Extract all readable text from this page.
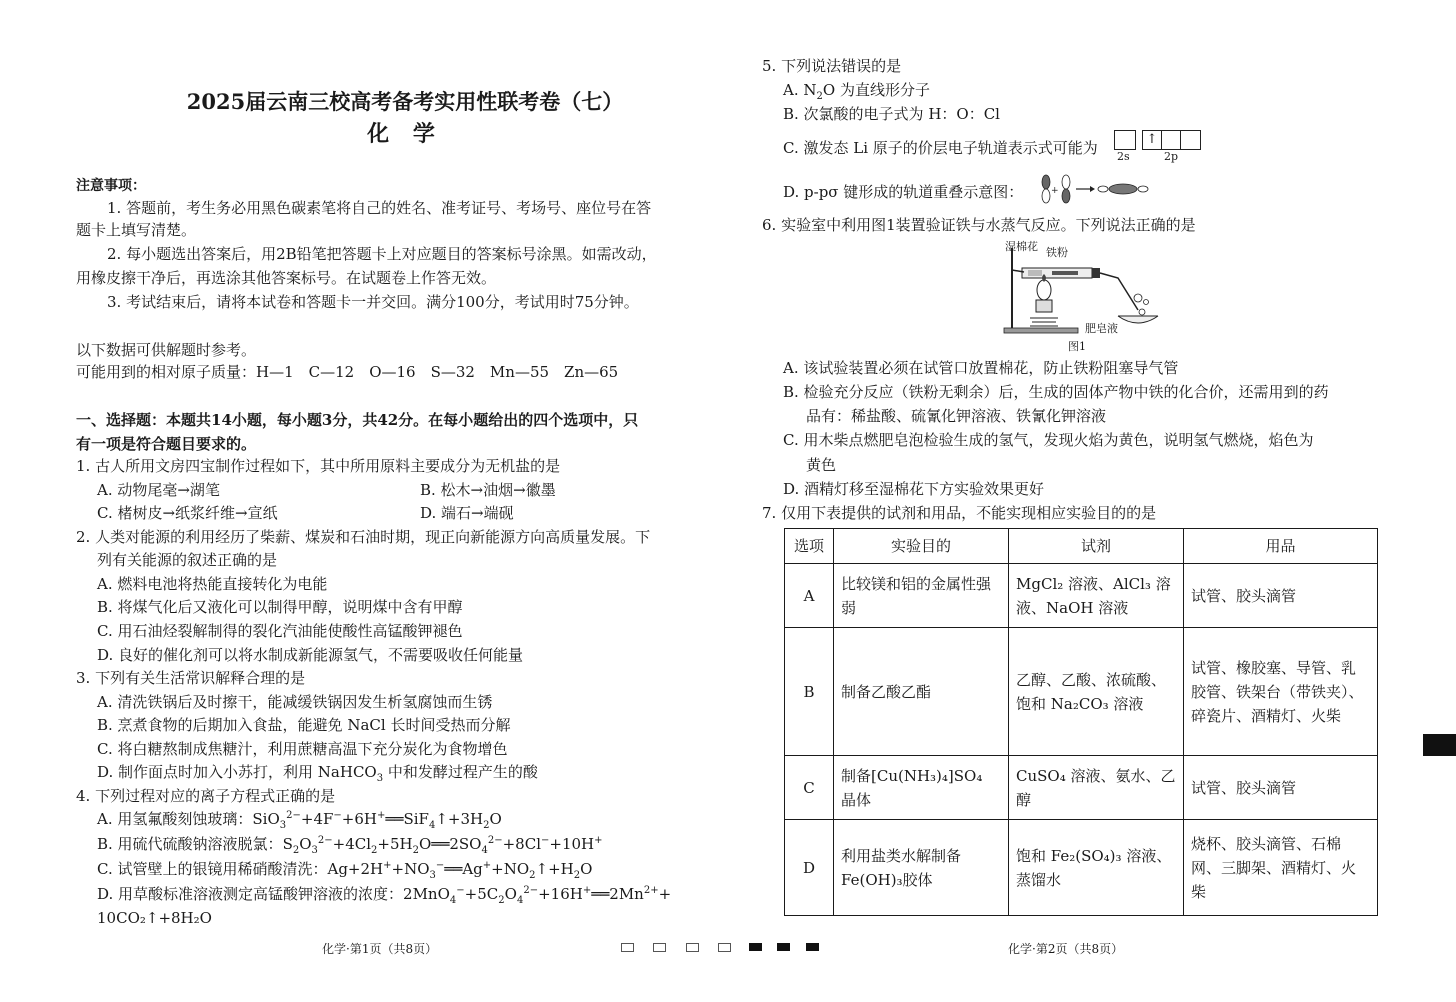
2025届云南三校高考备考实用性联考卷（七）
化 学
注意事项：
1. 答题前，考生务必用黑色碳素笔将自己的姓名、准考证号、考场号、座位号在答
题卡上填写清楚。
2. 每小题选出答案后，用2B铅笔把答题卡上对应题目的答案标号涂黑。如需改动，
用橡皮擦干净后，再选涂其他答案标号。在试题卷上作答无效。
3. 考试结束后，请将本试卷和答题卡一并交回。满分100分，考试用时75分钟。
以下数据可供解题时参考。
可能用到的相对原子质量：H—1　C—12　O—16　S—32　Mn—55　Zn—65
一、选择题：本题共14小题，每小题3分，共42分。在每小题给出的四个选项中，只
有一项是符合题目要求的。
1. 古人所用文房四宝制作过程如下，其中所用原料主要成分为无机盐的是
A. 动物尾毫→湖笔	B. 松木→油烟→徽墨
C. 楮树皮→纸浆纤维→宣纸	D. 端石→端砚
2. 人类对能源的利用经历了柴薪、煤炭和石油时期，现正向新能源方向高质量发展。下
列有关能源的叙述正确的是
A. 燃料电池将热能直接转化为电能
B. 将煤气化后又液化可以制得甲醇，说明煤中含有甲醇
C. 用石油烃裂解制得的裂化汽油能使酸性高锰酸钾褪色
D. 良好的催化剂可以将水制成新能源氢气，不需要吸收任何能量
3. 下列有关生活常识解释合理的是
A. 清洗铁锅后及时擦干，能减缓铁锅因发生析氢腐蚀而生锈
B. 烹煮食物的后期加入食盐，能避免 NaCl 长时间受热而分解
C. 将白糖熬制成焦糖汁，利用蔗糖高温下充分炭化为食物增色
D. 制作面点时加入小苏打，利用 NaHCO$_3$ 中和发酵过程产生的酸
4. 下列过程对应的离子方程式正确的是
A. 用氢氟酸刻蚀玻璃：$SiO_3^{2-}+4F^-+6H^+══SiF_4↑+3H_2O$
B. 用硫代硫酸钠溶液脱氯：$S_2O_3^{2-}+4Cl_2+5H_2O══2SO_4^{2-}+8Cl^-+10H^+$
C. 试管壁上的银镜用稀硝酸清洗：$Ag+2H^++NO_3^-══Ag^++NO_2↑+H_2O$
D. 用草酸标准溶液测定高锰酸钾溶液的浓度：$2MnO_4^-+5C_2O_4^{2-}+16H^+══2Mn^{2+}+$
10CO₂↑+8H₂O
5. 下列说法错误的是
A. $N_2O$ 为直线形分子
B. 次氯酸的电子式为 H：O：Cl
C. 激发态 Li 原子的价层电子轨道表示式可能为 2s
↑
2p
D. p-pσ 键形成的轨道重叠示意图：	+
6. 实验室中利用图1装置验证铁与水蒸气反应。下列说法正确的是
湿棉花 铁粉
肥皂液
图1
A. 该试验装置必须在试管口放置棉花，防止铁粉阻塞导气管
B. 检验充分反应（铁粉无剩余）后，生成的固体产物中铁的化合价，还需用到的药
品有：稀盐酸、硫氰化钾溶液、铁氰化钾溶液
C. 用木柴点燃肥皂泡检验生成的氢气，发现火焰为黄色，说明氢气燃烧，焰色为
黄色
D. 酒精灯移至湿棉花下方实验效果更好
7. 仅用下表提供的试剂和用品，不能实现相应实验目的的是
选项	实验目的	试剂	用品
A	比较镁和铝的金属性强弱	MgCl₂ 溶液、AlCl₃ 溶液、NaOH 溶液	试管、胶头滴管
B	制备乙酸乙酯	乙醇、乙酸、浓硫酸、饱和 Na₂CO₃ 溶液	试管、橡胶塞、导管、乳胶管、铁架台（带铁夹）、碎瓷片、酒精灯、火柴
C	制备[Cu(NH₃)₄]SO₄ 晶体	CuSO₄ 溶液、氨水、乙醇	试管、胶头滴管
D	利用盐类水解制备 Fe(OH)₃胶体	饱和 Fe₂(SO₄)₃ 溶液、蒸馏水	烧杯、胶头滴管、石棉网、三脚架、酒精灯、火柴
化学·第1页（共8页）	化学·第2页（共8页）
